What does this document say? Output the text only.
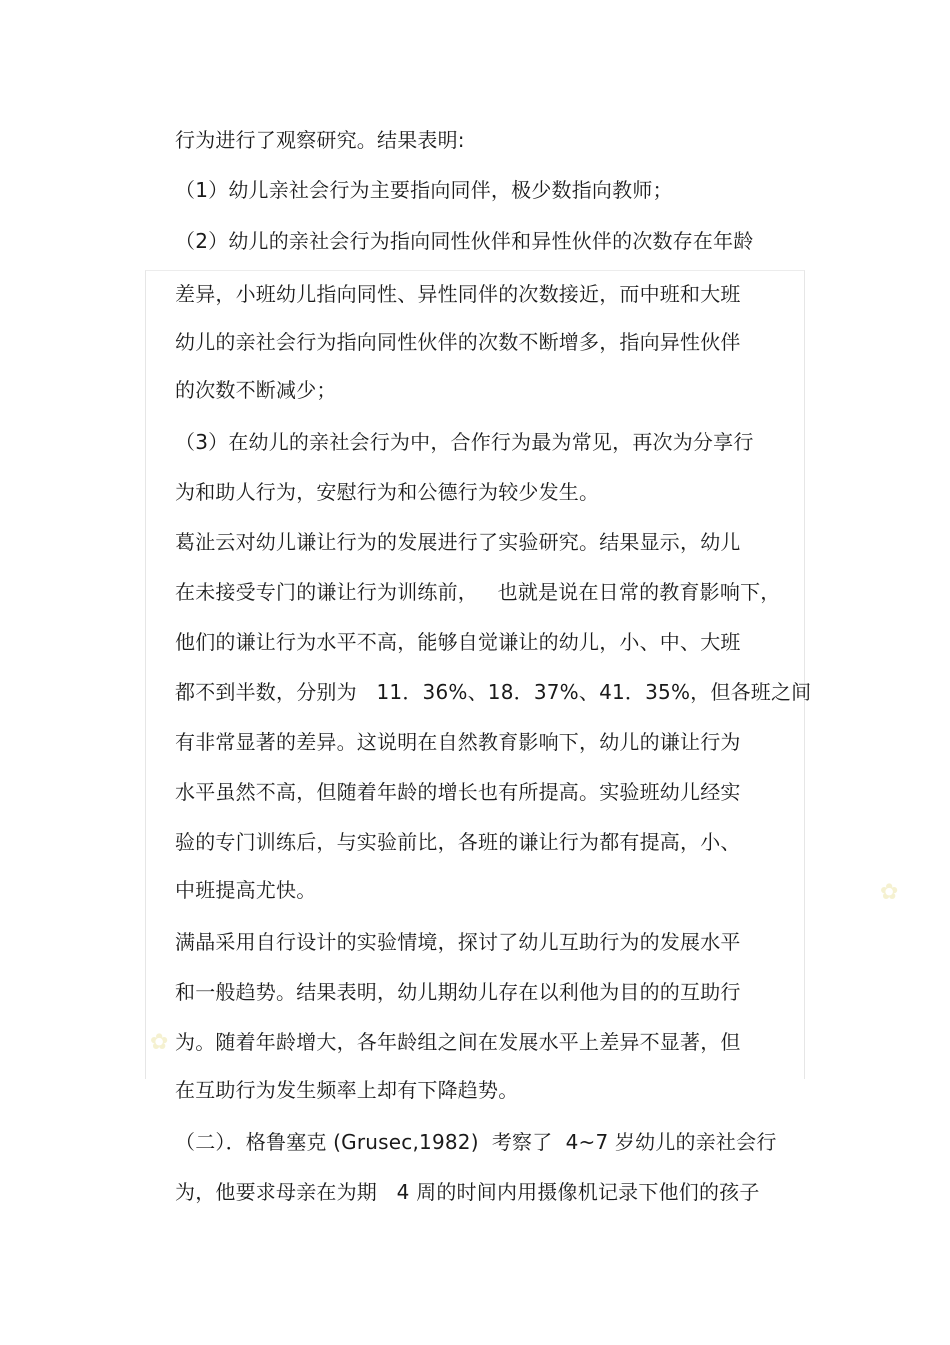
✿
✿
行为进行了观察研究。结果表明:
（1）幼儿亲社会行为主要指向同伴，极少数指向教师；
（2）幼儿的亲社会行为指向同性伙伴和异性伙伴的次数存在年龄
差异，小班幼儿指向同性、异性同伴的次数接近，而中班和大班
幼儿的亲社会行为指向同性伙伴的次数不断增多，指向异性伙伴
的次数不断减少；
（3）在幼儿的亲社会行为中，合作行为最为常见，再次为分享行
为和助人行为，安慰行为和公德行为较少发生。
葛沚云对幼儿谦让行为的发展进行了实验研究。结果显示，幼儿
在未接受专门的谦让行为训练前，   也就是说在日常的教育影响下，
他们的谦让行为水平不高，能够自觉谦让的幼儿，小、中、大班
都不到半数，分别为   11．36%、18．37%、41．35%，但各班之间
有非常显著的差异。这说明在自然教育影响下，幼儿的谦让行为
水平虽然不高，但随着年龄的增长也有所提高。实验班幼儿经实
验的专门训练后，与实验前比，各班的谦让行为都有提高，小、
中班提高尤快。
满晶采用自行设计的实验情境，探讨了幼儿互助行为的发展水平
和一般趋势。结果表明，幼儿期幼儿存在以利他为目的的互助行
为。随着年龄增大，各年龄组之间在发展水平上差异不显著，但
在互助行为发生频率上却有下降趋势。
（二）．格鲁塞克 (Grusec,1982)  考察了  4~7 岁幼儿的亲社会行
为，他要求母亲在为期   4 周的时间内用摄像机记录下他们的孩子
